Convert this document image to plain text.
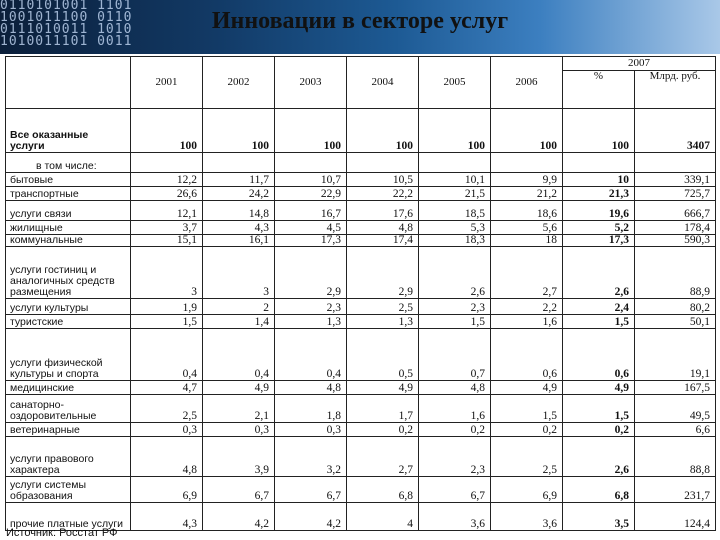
0110101001 1101
1001011100 0110
0111010011 1010
1010011101 0011

Инновации в секторе услуг
	2001	2002	2003	2004	2005	2006	2007	
							%	Млрд. руб.
Все оказанные услуги	100	100	100	100	100	100	100	3407
в том числе:								
бытовые	12,2	11,7	10,7	10,5	10,1	9,9	10	339,1
транспортные	26,6	24,2	22,9	22,2	21,5	21,2	21,3	725,7
услуги связи	12,1	14,8	16,7	17,6	18,5	18,6	19,6	666,7
жилищные	3,7	4,3	4,5	4,8	5,3	5,6	5,2	178,4
коммунальные	15,1	16,1	17,3	17,4	18,3	18	17,3	590,3
услуги гостиниц и аналогичных средств размещения	3	3	2,9	2,9	2,6	2,7	2,6	88,9
услуги культуры	1,9	2	2,3	2,5	2,3	2,2	2,4	80,2
туристские	1,5	1,4	1,3	1,3	1,5	1,6	1,5	50,1
услуги физической культуры и спорта	0,4	0,4	0,4	0,5	0,7	0,6	0,6	19,1
медицинские	4,7	4,9	4,8	4,9	4,8	4,9	4,9	167,5
санаторно-оздоровительные	2,5	2,1	1,8	1,7	1,6	1,5	1,5	49,5
ветеринарные	0,3	0,3	0,3	0,2	0,2	0,2	0,2	6,6
услуги правового характера	4,8	3,9	3,2	2,7	2,3	2,5	2,6	88,8
услуги системы образования	6,9	6,7	6,7	6,8	6,7	6,9	6,8	231,7
прочие платные услуги	4,3	4,2	4,2	4	3,6	3,6	3,5	124,4
Источник: Росстат РФ
